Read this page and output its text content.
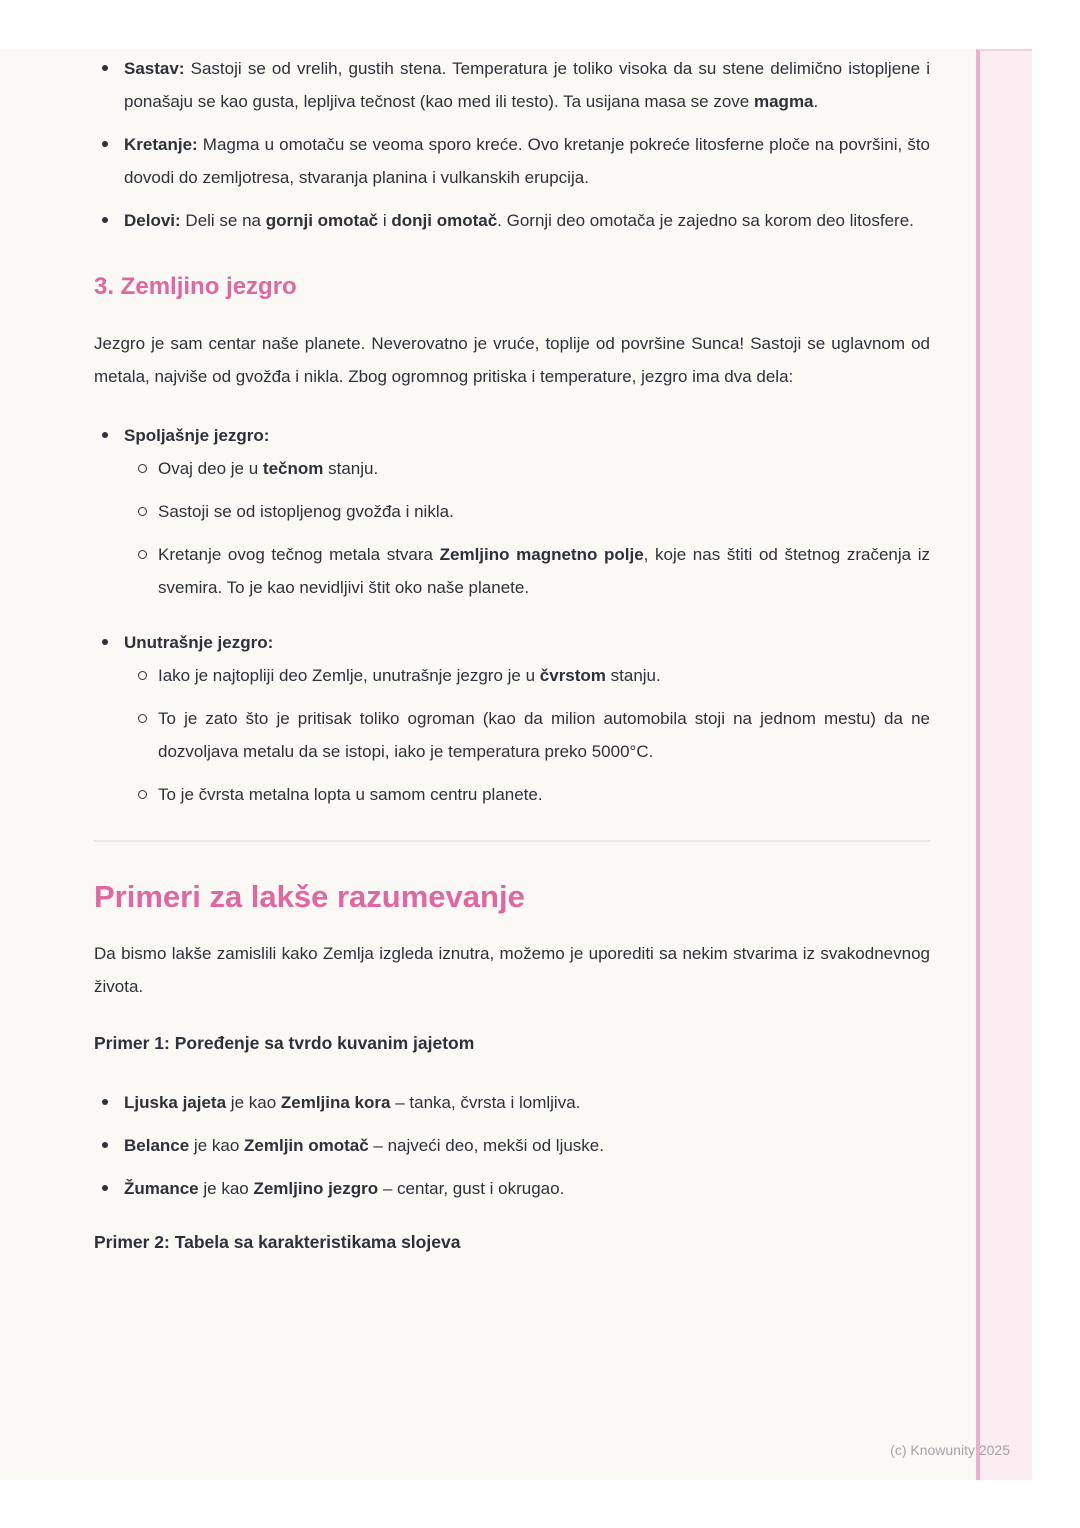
Sastav: Sastoji se od vrelih, gustih stena. Temperatura je toliko visoka da su stene delimično istopljene i ponašaju se kao gusta, lepljiva tečnost (kao med ili testo). Ta usijana masa se zove magma.
Kretanje: Magma u omotaču se veoma sporo kreće. Ovo kretanje pokreće litosferne ploče na površini, što dovodi do zemljotresa, stvaranja planina i vulkanskih erupcija.
Delovi: Deli se na gornji omotač i donji omotač. Gornji deo omotača je zajedno sa korom deo litosfere.
3. Zemljino jezgro

Jezgro je sam centar naše planete. Neverovatno je vruće, toplije od površine Sunca! Sastoji se uglavnom od metala, najviše od gvožđa i nikla. Zbog ogromnog pritiska i temperature, jezgro ima dva dela:

Spoljašnje jezgro:
Ovaj deo je u tečnom stanju.
Sastoji se od istopljenog gvožđa i nikla.
Kretanje ovog tečnog metala stvara Zemljino magnetno polje, koje nas štiti od štetnog zračenja iz svemira. To je kao nevidljivi štit oko naše planete.
Unutrašnje jezgro:
Iako je najtopliji deo Zemlje, unutrašnje jezgro je u čvrstom stanju.
To je zato što je pritisak toliko ogroman (kao da milion automobila stoji na jednom mestu) da ne dozvoljava metalu da se istopi, iako je temperatura preko 5000°C.
To je čvrsta metalna lopta u samom centru planete.
Primeri za lakše razumevanje

Da bismo lakše zamislili kako Zemlja izgleda iznutra, možemo je uporediti sa nekim stvarima iz svakodnevnog života.

Primer 1: Poređenje sa tvrdo kuvanim jajetom
Ljuska jajeta je kao Zemljina kora – tanka, čvrsta i lomljiva.
Belance je kao Zemljin omotač – najveći deo, mekši od ljuske.
Žumance je kao Zemljino jezgro – centar, gust i okrugao.
Primer 2: Tabela sa karakteristikama slojeva
(c) Knowunity 2025
